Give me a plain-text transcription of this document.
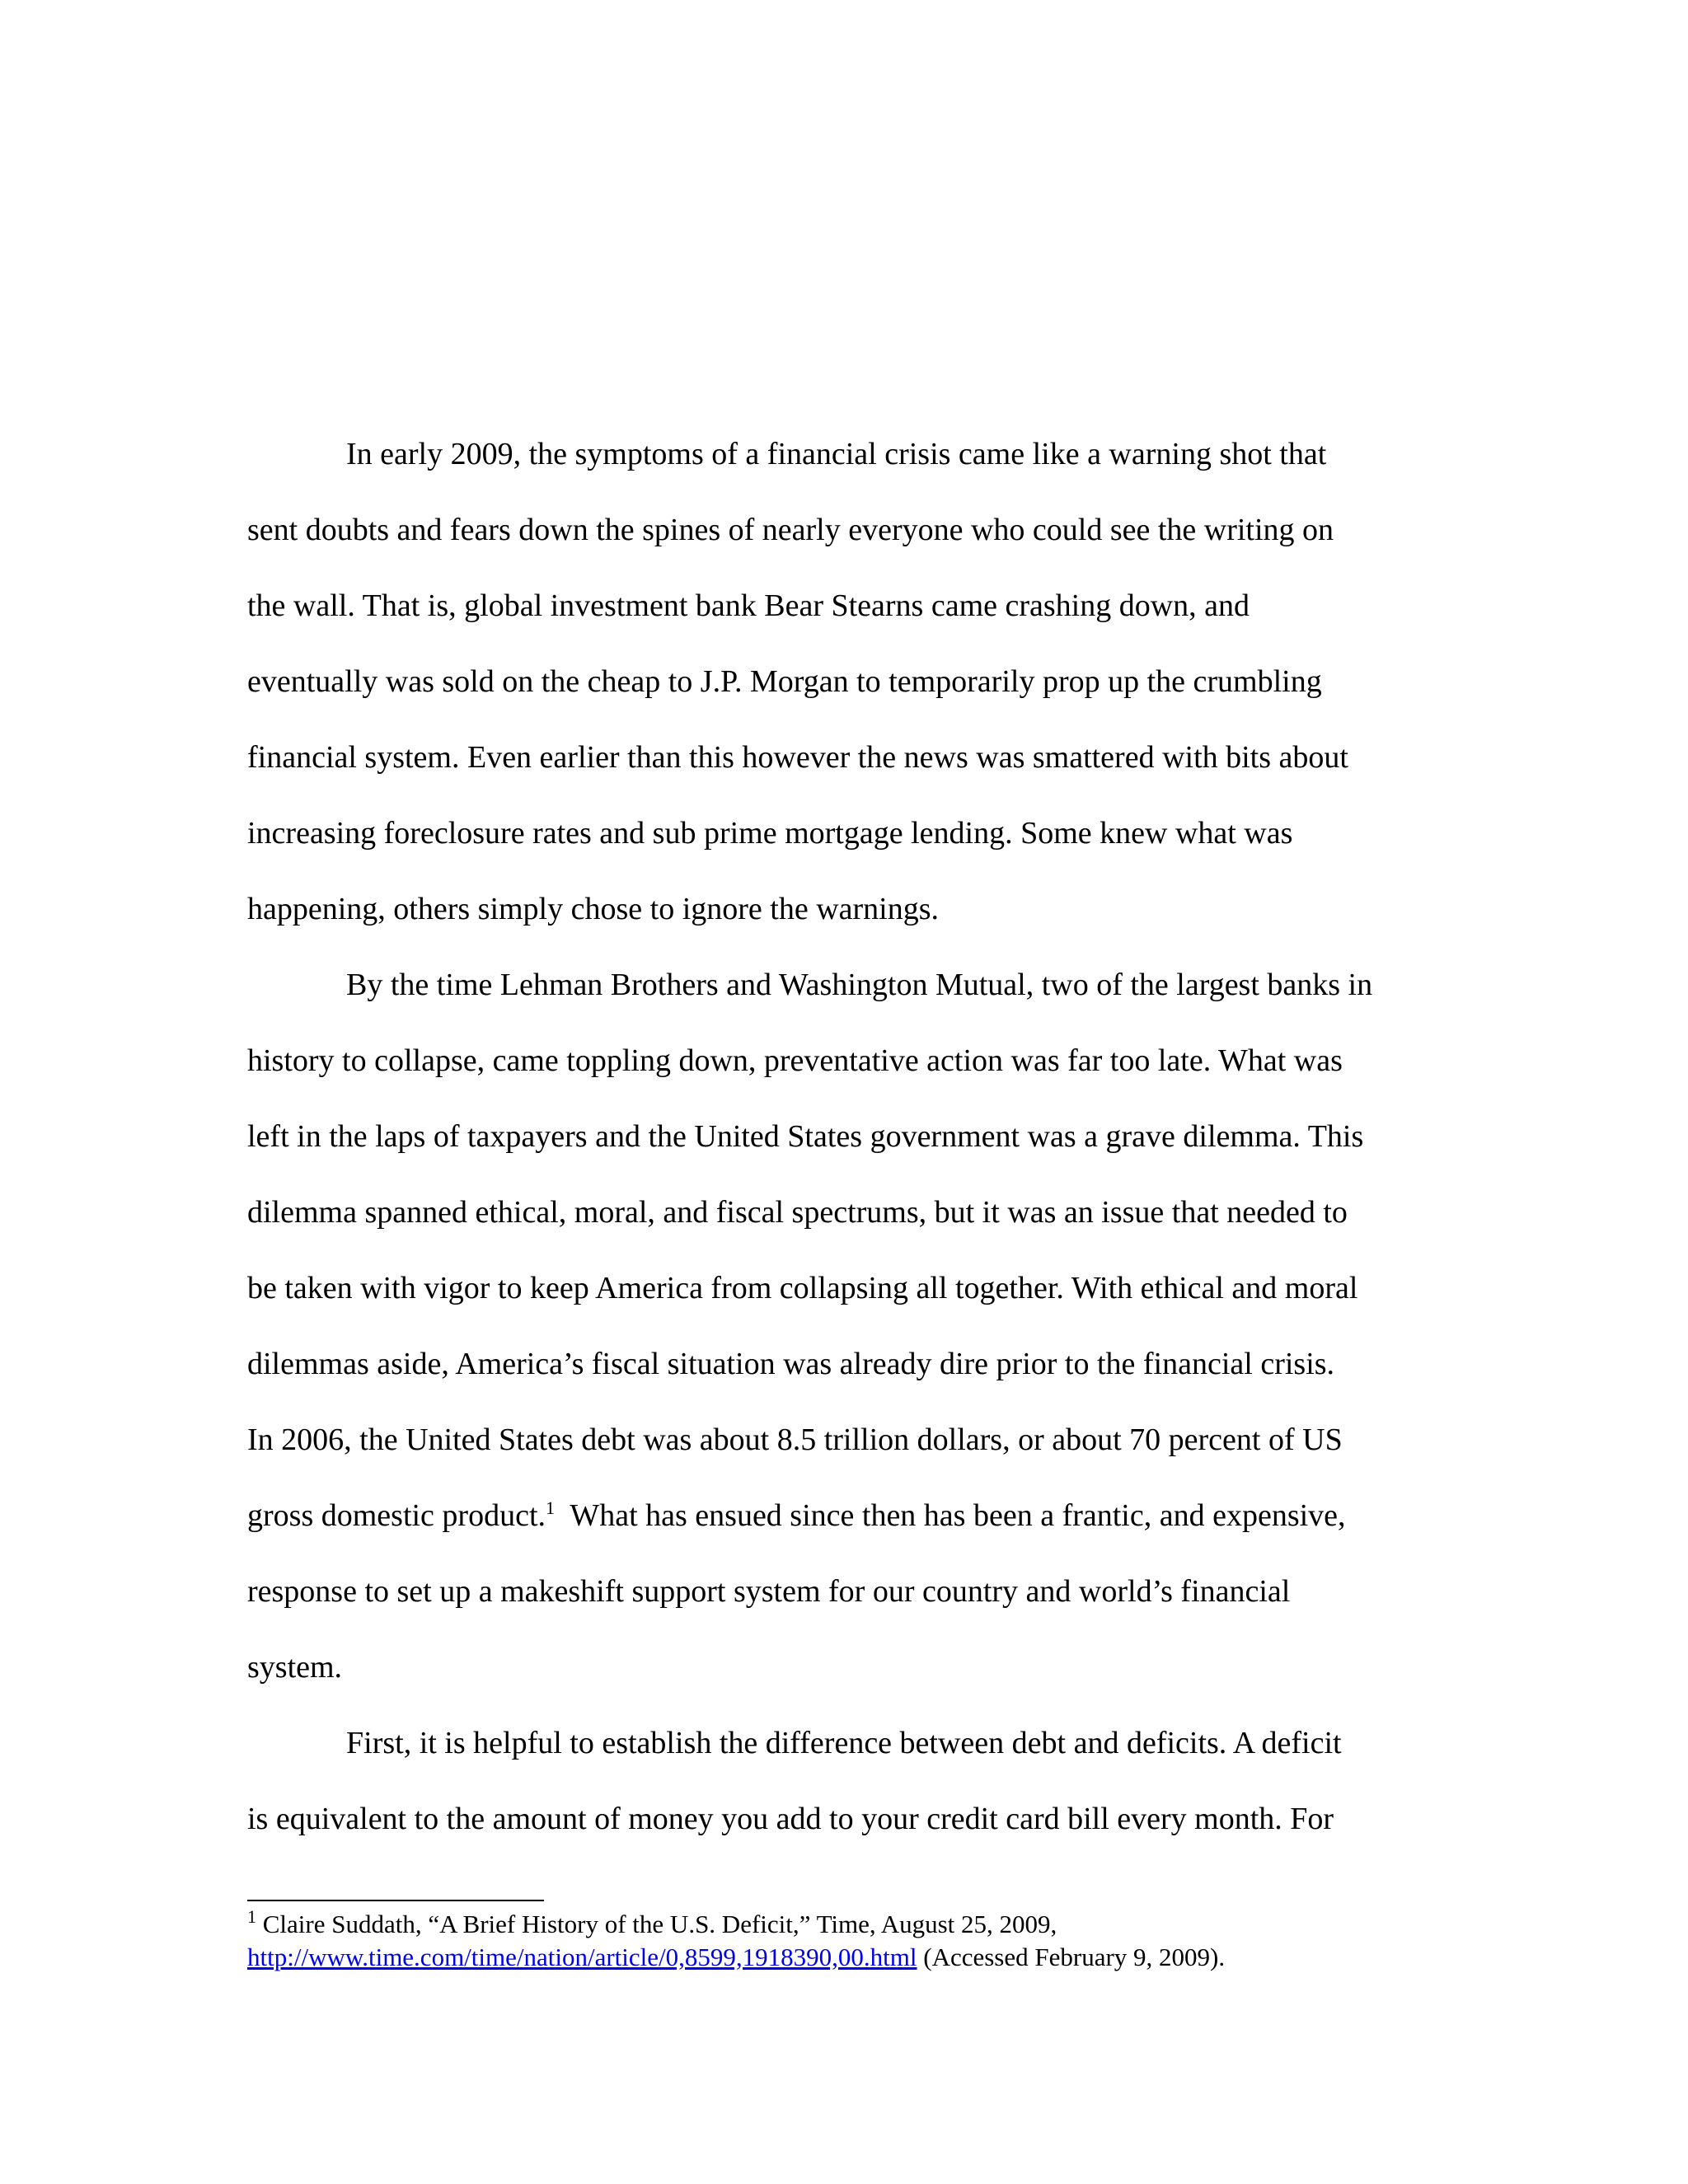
In early 2009, the symptoms of a financial crisis came like a warning shot that
sent doubts and fears down the spines of nearly everyone who could see the writing on
the wall. That is, global investment bank Bear Stearns came crashing down, and
eventually was sold on the cheap to J.P. Morgan to temporarily prop up the crumbling
financial system. Even earlier than this however the news was smattered with bits about
increasing foreclosure rates and sub prime mortgage lending. Some knew what was
happening, others simply chose to ignore the warnings.
By the time Lehman Brothers and Washington Mutual, two of the largest banks in
history to collapse, came toppling down, preventative action was far too late. What was
left in the laps of taxpayers and the United States government was a grave dilemma. This
dilemma spanned ethical, moral, and fiscal spectrums, but it was an issue that needed to
be taken with vigor to keep America from collapsing all together. With ethical and moral
dilemmas aside, America’s fiscal situation was already dire prior to the financial crisis.
In 2006, the United States debt was about 8.5 trillion dollars, or about 70 percent of US
gross domestic product.$^1$ What has ensued since then has been a frantic, and expensive,
response to set up a makeshift support system for our country and world’s financial
system.
First, it is helpful to establish the difference between debt and deficits. A deficit
is equivalent to the amount of money you add to your credit card bill every month. For
$^1$ Claire Suddath, “A Brief History of the U.S. Deficit,” Time, August 25, 2009,
http://www.time.com/time/nation/article/0,8599,1918390,00.html (Accessed February 9, 2009).
